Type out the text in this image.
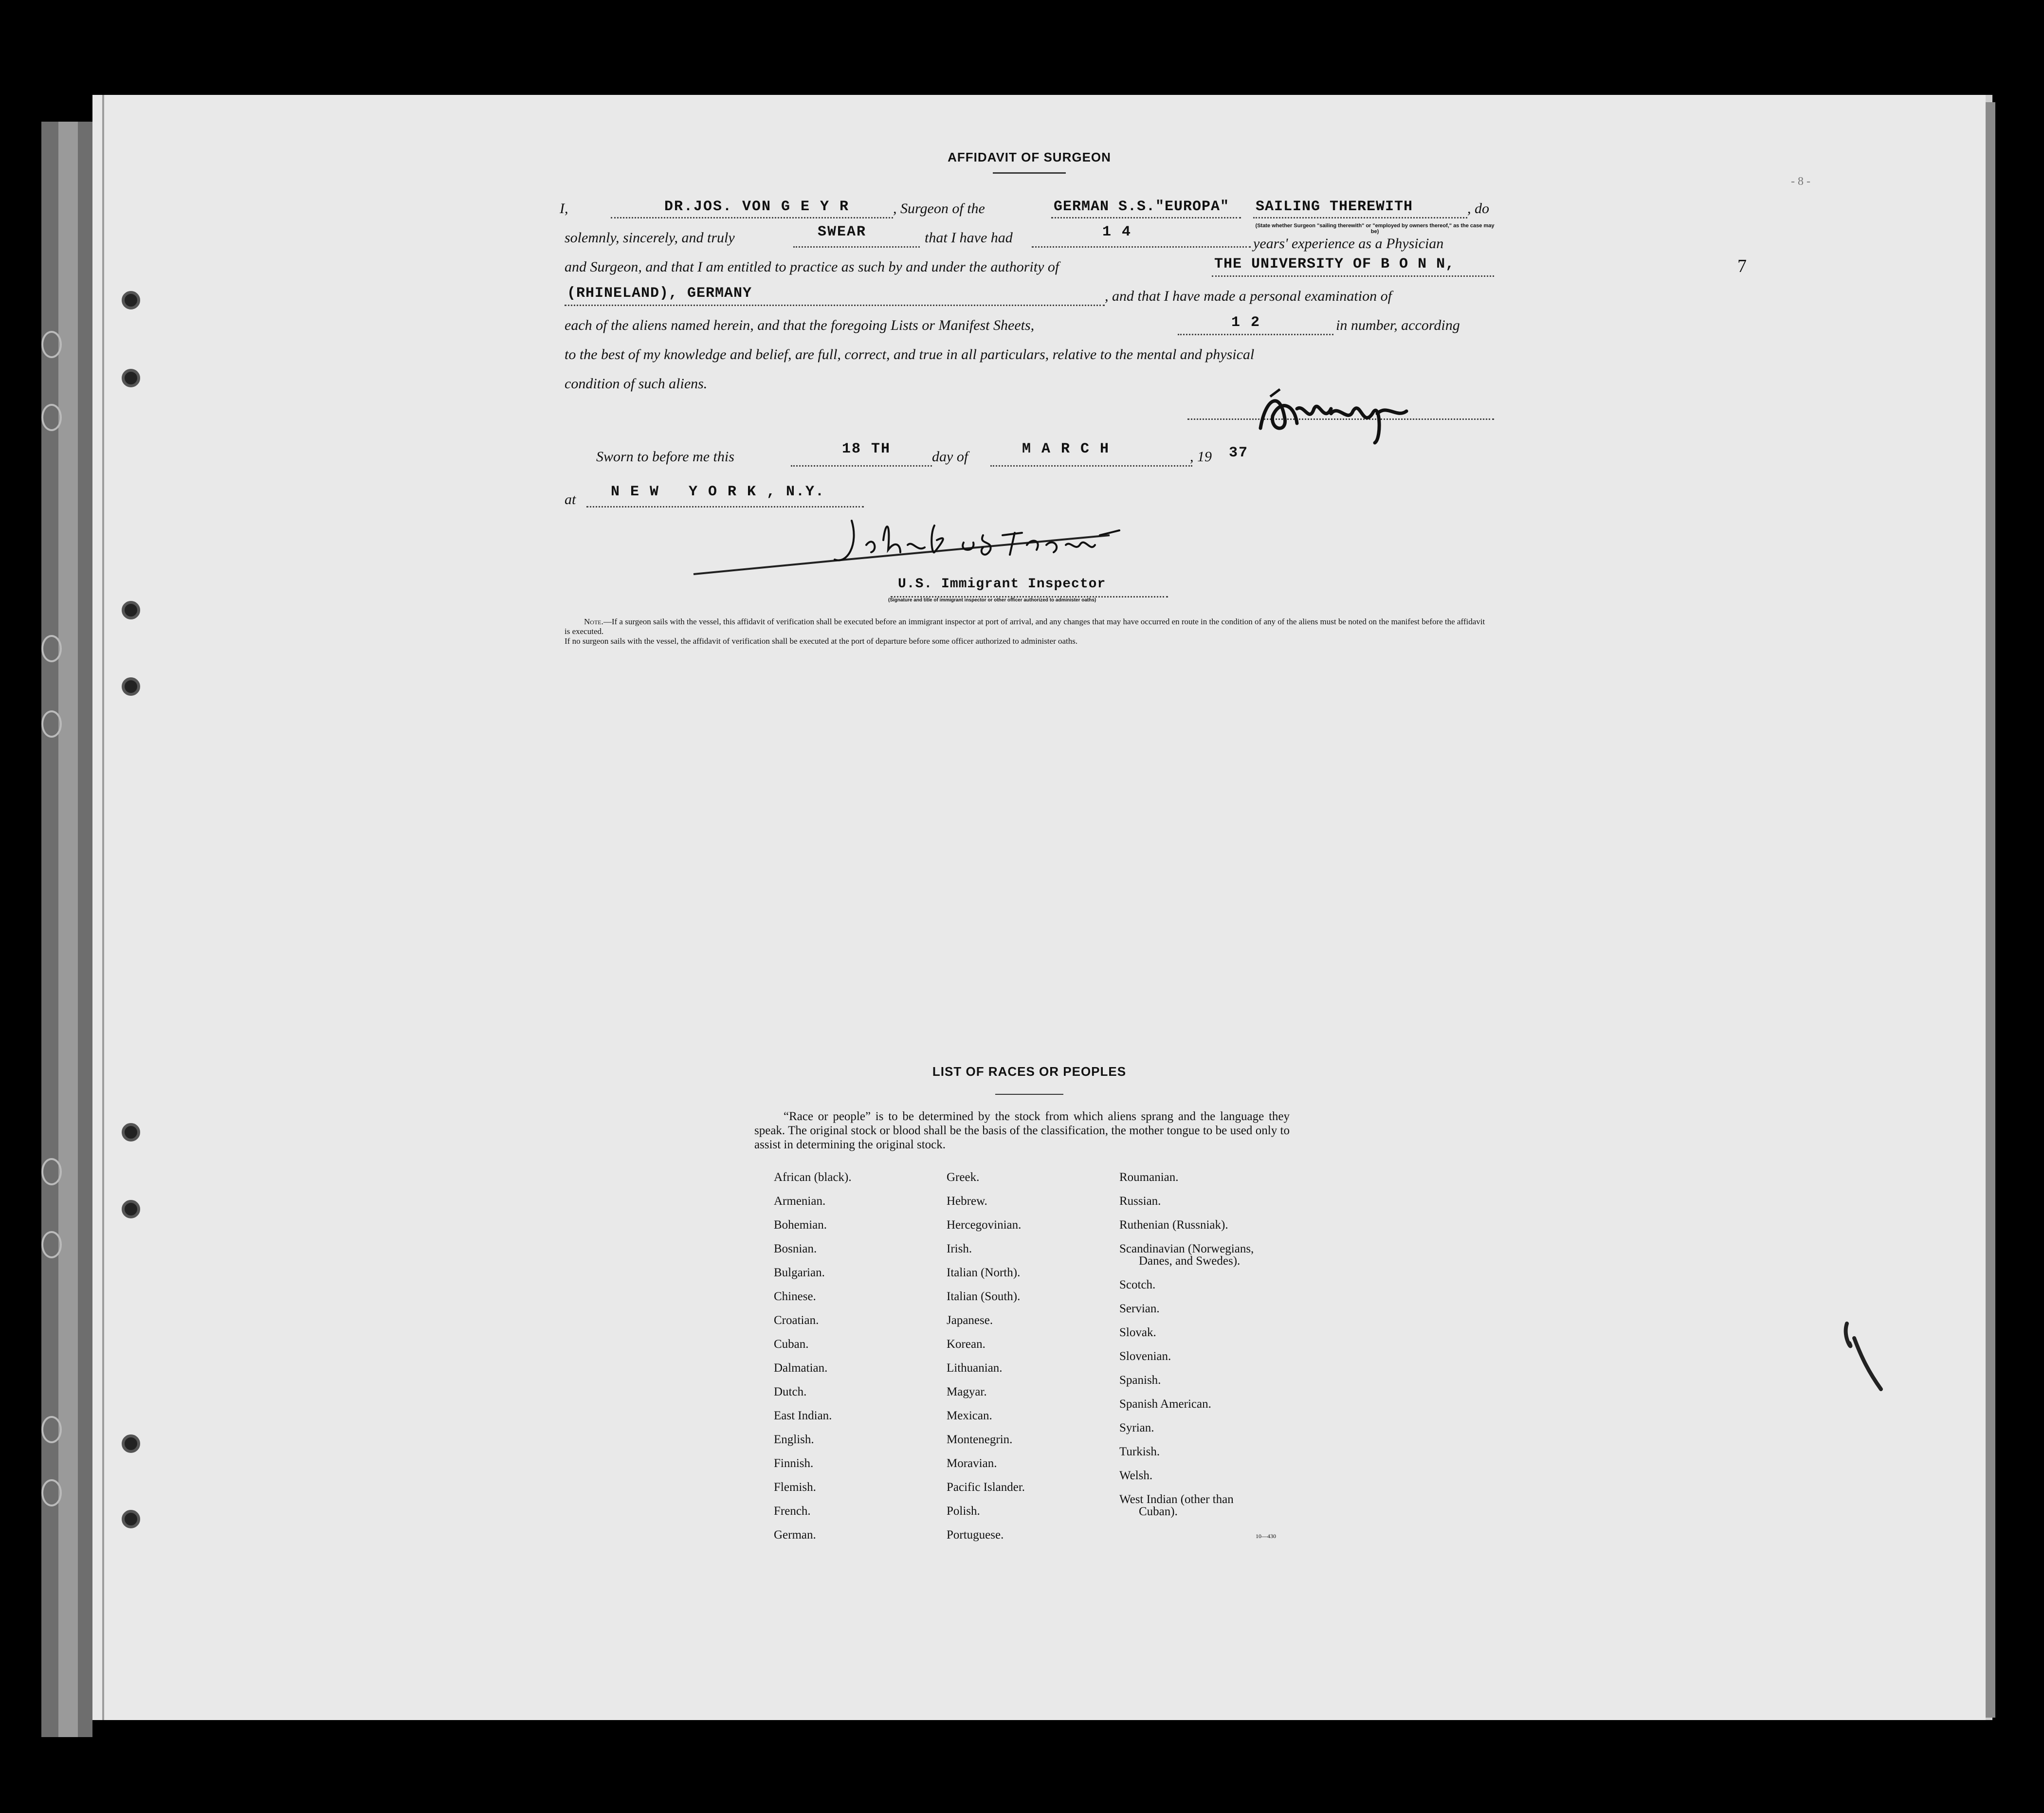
- 8 -
7
AFFIDAVIT OF SURGEON
I,	DR.JOS. VON G E Y R	, Surgeon of the	GERMAN S.S."EUROPA" SAILING THEREWITH	, do
solemnly, sincerely, and truly	SWEAR	that I have had	1 4	(State whether Surgeon "sailing therewith" or "employed by owners thereof," as the case may be)
years' experience as a Physician
and Surgeon, and that I am entitled to practice as such by and under the authority of	THE UNIVERSITY OF B O N N,
(RHINELAND), GERMANY	, and that I have made a personal examination of
each of the aliens named herein, and that the foregoing Lists or Manifest Sheets,	1 2	in number, according
to the best of my knowledge and belief, are full, correct, and true in all particulars, relative to the mental and physical
condition of such aliens.
Sworn to before me this	18 TH	day of	M A R C H	, 19 37
at N E W   Y O R K , N.Y.
U.S. Immigrant Inspector
(Signature and title of immigrant inspector or other officer authorized to administer oaths)

Note.—If a surgeon sails with the vessel, this affidavit of verification shall be executed before an immigrant inspector at port of arrival, and any changes that may have occurred en route in the condition of any of the aliens must be noted on the manifest before the affidavit is executed.

If no surgeon sails with the vessel, the affidavit of verification shall be executed at the port of departure before some officer authorized to administer oaths.

LIST OF RACES OR PEOPLES
“Race or people” is to be determined by the stock from which aliens sprang and the language they speak. The original stock or blood shall be the basis of the classification, the mother tongue to be used only to assist in determining the original stock.
African (black).
Armenian.
Bohemian.
Bosnian.
Bulgarian.
Chinese.
Croatian.
Cuban.
Dalmatian.
Dutch.
East Indian.
English.
Finnish.
Flemish.
French.
German.
Greek.
Hebrew.
Hercegovinian.
Irish.
Italian (North).
Italian (South).
Japanese.
Korean.
Lithuanian.
Magyar.
Mexican.
Montenegrin.
Moravian.
Pacific Islander.
Polish.
Portuguese.
Roumanian.
Russian.
Ruthenian (Russniak).
Scandinavian (Norwegians,
Danes, and Swedes).
Scotch.
Servian.
Slovak.
Slovenian.
Spanish.
Spanish American.
Syrian.
Turkish.
Welsh.
West Indian (other than
Cuban).
10—430
